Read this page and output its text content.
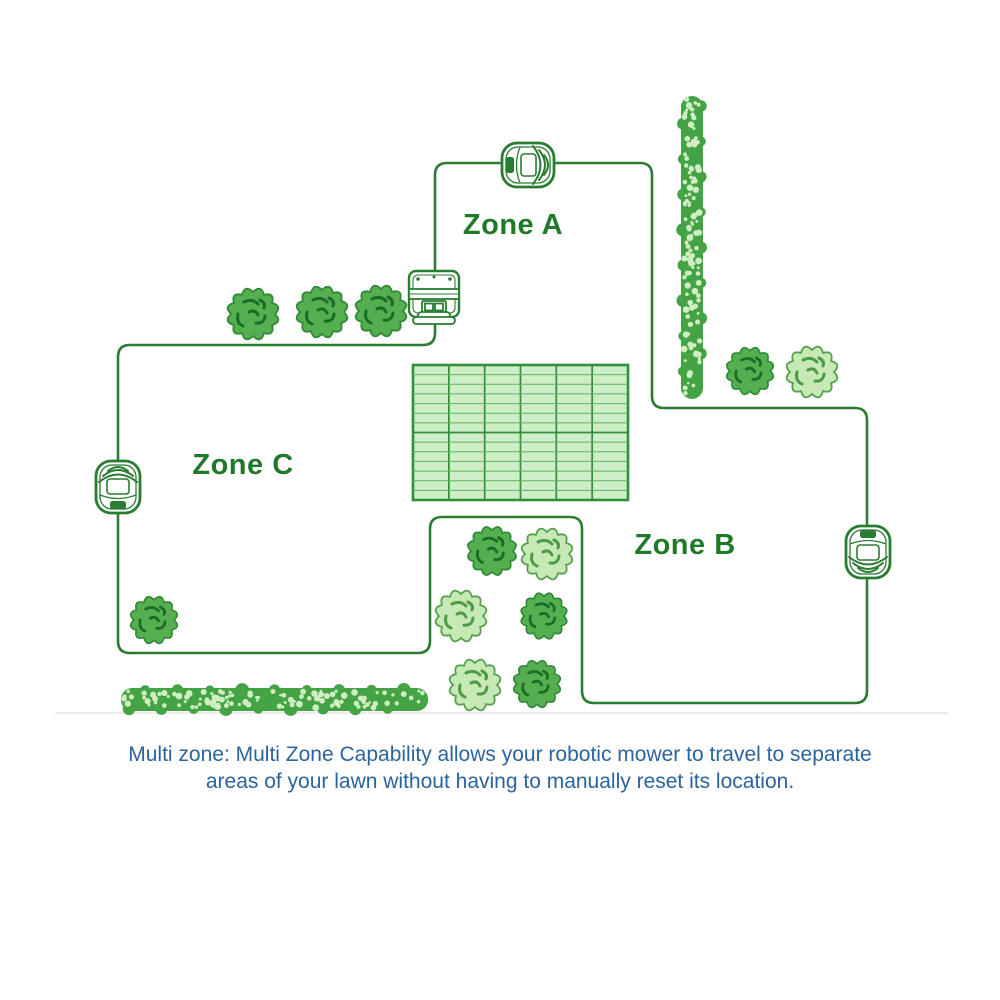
Zone A
Zone C
Zone B
Multi zone: Multi Zone Capability allows your robotic mower to travel to separate
areas of your lawn without having to manually reset its location.
